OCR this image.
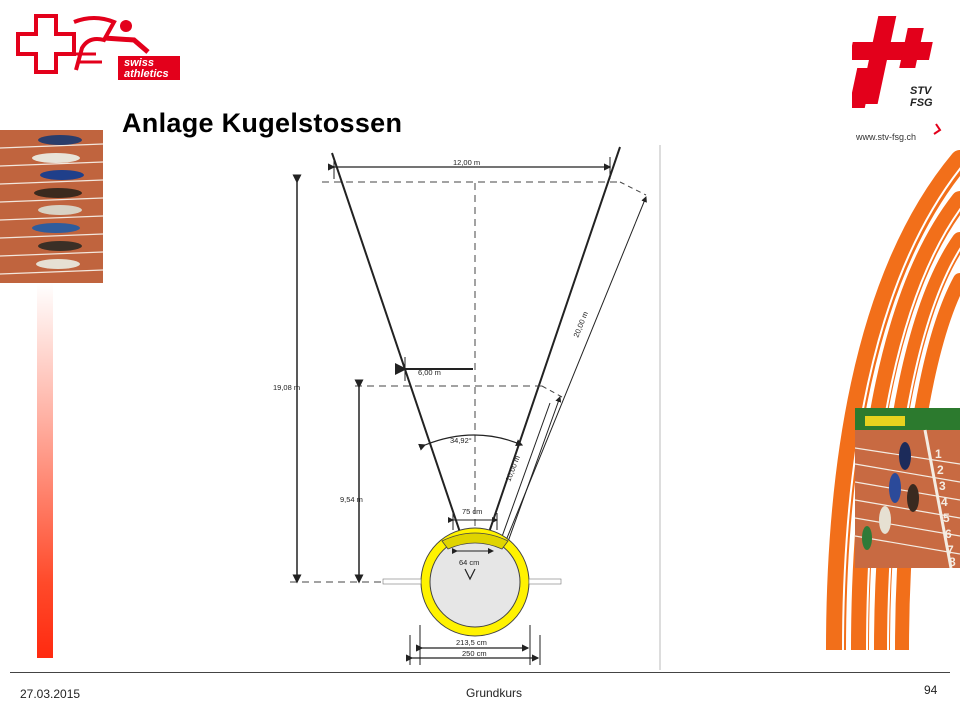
swiss
athletics
STV
FSG
www.stv-fsg.ch
Anlage Kugelstossen
12,00 m
6,00 m
19,08 m
9,54 m
20,00 m
10,00 m
34,92°
75 cm
64 cm
213,5 cm
250 cm
1
2
3
4
5
6
7
8
27.03.2015	Grundkurs	94
